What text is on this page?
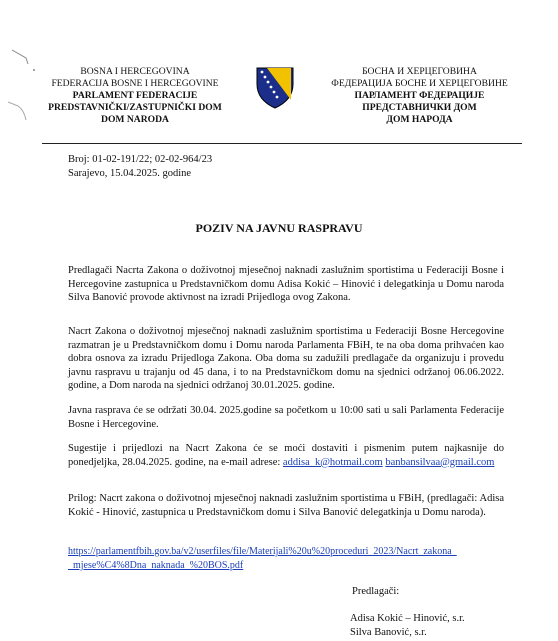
BOSNA I HERCEGOVINA
FEDERACIJA BOSNE I HERCEGOVINE
PARLAMENT FEDERACIJE
PREDSTAVNIČKI/ZASTUPNIČKI DOM
DOM NARODA
БОСНА И ХЕРЦЕГОВИНА
ФЕДЕРАЦИЈА БОСНЕ И ХЕРЦЕГОВИНЕ
ПАРЛАМЕНТ ФЕДЕРАЦИЈЕ
ПРЕДСТАВНИЧКИ ДОМ
ДОМ НАРОДА
Broj: 01-02-191/22; 02-02-964/23
Sarajevo, 15.04.2025. godine
POZIV NA JAVNU RASPRAVU
Predlagači Nacrta Zakona o doživotnoj mjesečnoj naknadi zaslužnim sportistima u Federaciji Bosne i Hercegovine zastupnica u Predstavničkom domu Adisa Kokić – Hinović i delegatkinja u Domu naroda Silva Banović provode aktivnost na izradi Prijedloga ovog Zakona.
Nacrt Zakona o doživotnoj mjesečnoj naknadi zaslužnim sportistima u Federaciji Bosne Hercegovine razmatran je u Predstavničkom domu i Domu naroda Parlamenta FBiH, te na oba doma prihvaćen kao dobra osnova za izradu Prijedloga Zakona. Oba doma su zadužili predlagače da organizuju i provedu javnu raspravu u trajanju od 45 dana, i to na Predstavničkom domu na sjednici održanoj 06.06.2022. godine, a Dom naroda na sjednici održanoj 30.01.2025. godine.
Javna rasprava će se održati 30.04. 2025.godine sa početkom u 10:00 sati u sali Parlamenta Federacije Bosne i Hercegovine.
Sugestije i prijedlozi na Nacrt Zakona će se moći dostaviti i pismenim putem najkasnije do ponedjeljka, 28.04.2025. godine, na e-mail adrese: addisa_k@hotmail.com banbansilvaa@gmail.com
Prilog: Nacrt zakona o doživotnoj mjesečnoj naknadi zaslužnim sportistima u FBiH, (predlagači: Adisa Kokić - Hinović, zastupnica u Predstavničkom domu i Silva Banović delegatkinja u Domu naroda).
https://parlamentfbih.gov.ba/v2/userfiles/file/Materijali%20u%20proceduri_2023/Nacrt_zakona_
_mjese%C4%8Dna_naknada_%20BOS.pdf
Predlagači:
Adisa Kokić – Hinović, s.r.
Silva Banović, s.r.
